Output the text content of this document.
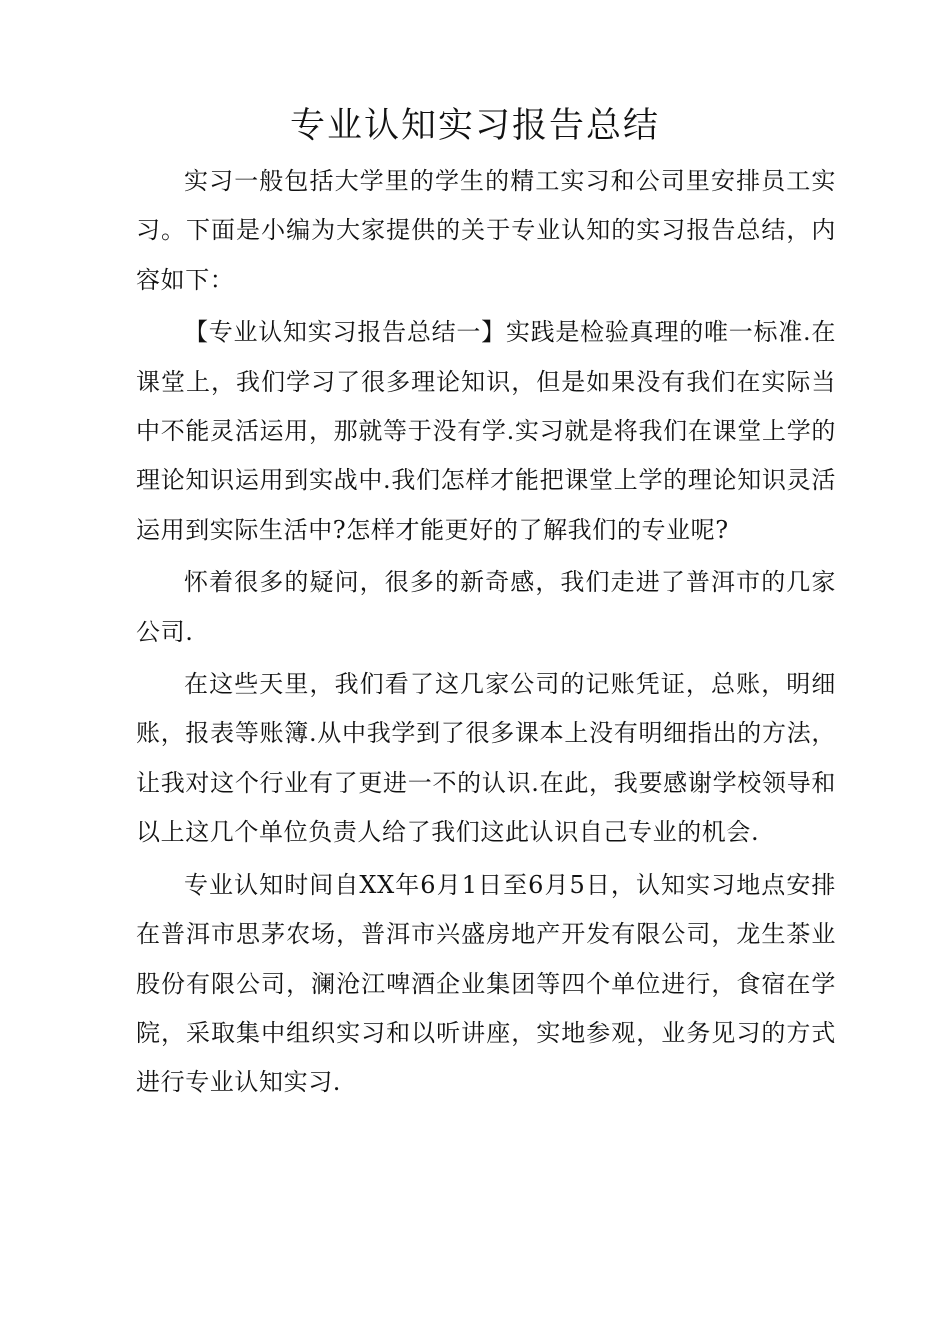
专业认知实习报告总结

实习一般包括大学里的学生的精工实习和公司里安排员工实习。下面是小编为大家提供的关于专业认知的实习报告总结，内容如下：

【专业认知实习报告总结一】实践是检验真理的唯一标准.在课堂上，我们学习了很多理论知识，但是如果没有我们在实际当中不能灵活运用，那就等于没有学.实习就是将我们在课堂上学的理论知识运用到实战中.我们怎样才能把课堂上学的理论知识灵活运用到实际生活中?怎样才能更好的了解我们的专业呢?

怀着很多的疑问，很多的新奇感，我们走进了普洱市的几家公司.

在这些天里，我们看了这几家公司的记账凭证，总账，明细账，报表等账簿.从中我学到了很多课本上没有明细指出的方法，让我对这个行业有了更进一不的认识.在此，我要感谢学校领导和以上这几个单位负责人给了我们这此认识自己专业的机会.

专业认知时间自XX年6月1日至6月5日，认知实习地点安排在普洱市思茅农场，普洱市兴盛房地产开发有限公司，龙生茶业股份有限公司，澜沧江啤酒企业集团等四个单位进行，食宿在学院，采取集中组织实习和以听讲座，实地参观，业务见习的方式进行专业认知实习.
